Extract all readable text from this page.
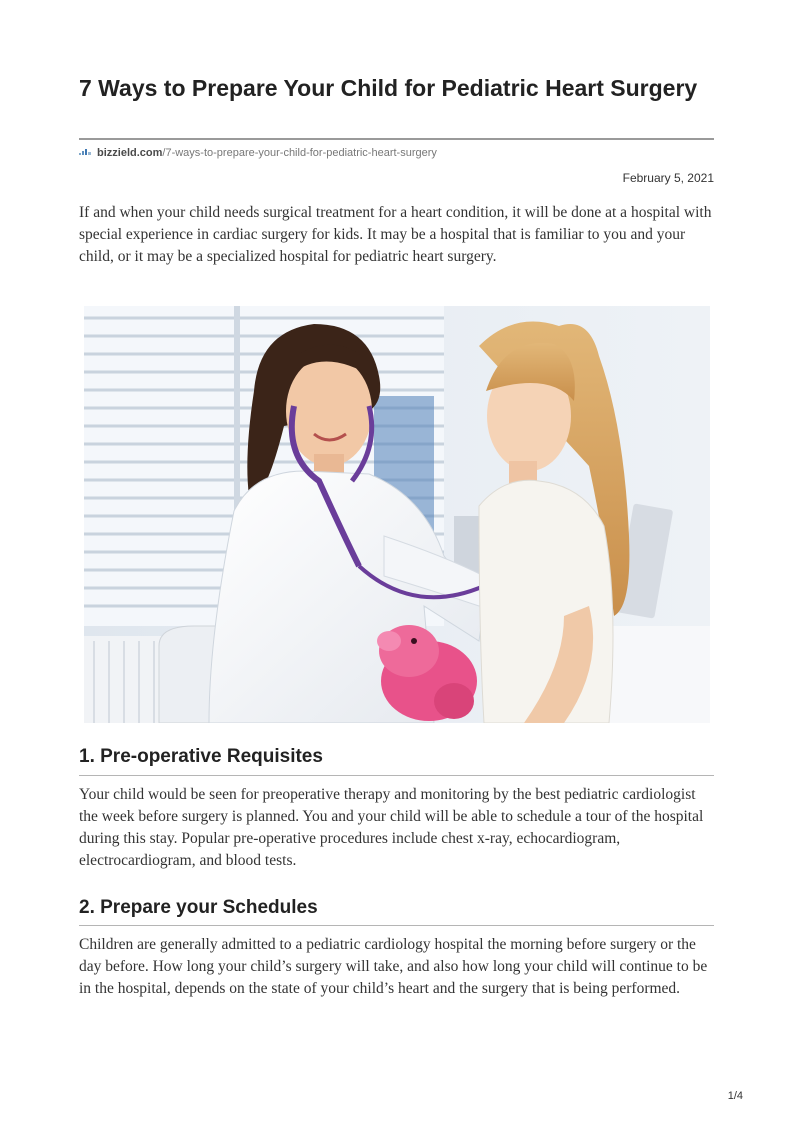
7 Ways to Prepare Your Child for Pediatric Heart Surgery
bizzield.com/7-ways-to-prepare-your-child-for-pediatric-heart-surgery
February 5, 2021

If and when your child needs surgical treatment for a heart condition, it will be done at a hospital with special experience in cardiac surgery for kids. It may be a hospital that is familiar to you and your child, or it may be a specialized hospital for pediatric heart surgery.

1. Pre-operative Requisites

Your child would be seen for preoperative therapy and monitoring by the best pediatric cardiologist the week before surgery is planned. You and your child will be able to schedule a tour of the hospital during this stay. Popular pre-operative procedures include chest x-ray, echocardiogram, electrocardiogram, and blood tests.

2. Prepare your Schedules

Children are generally admitted to a pediatric cardiology hospital the morning before surgery or the day before. How long your child’s surgery will take, and also how long your child will continue to be in the hospital, depends on the state of your child’s heart and the surgery that is being performed.

1/4
